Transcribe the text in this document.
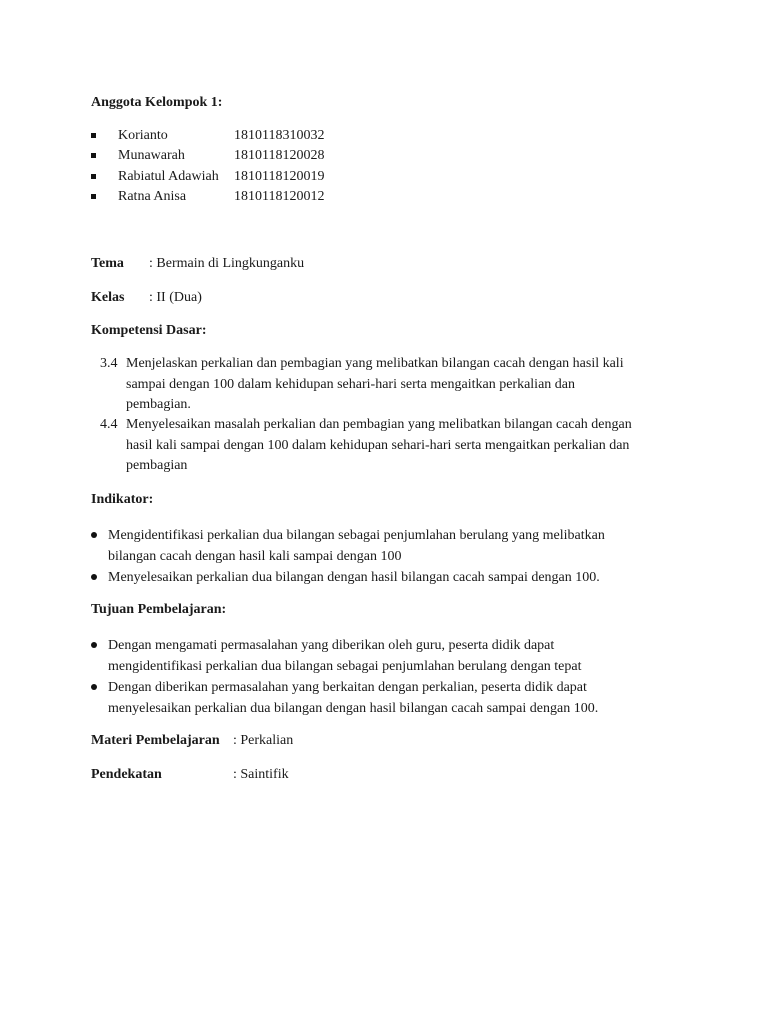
Anggota Kelompok 1:
Korianto	1810118310032
Munawarah	1810118120028
Rabiatul Adawiah 1810118120019
Ratna Anisa	1810118120012
Tema : Bermain di Lingkunganku
Kelas : II (Dua)
Kompetensi Dasar:
3.4 Menjelaskan perkalian dan pembagian yang melibatkan bilangan cacah dengan hasil kali
sampai dengan 100 dalam kehidupan sehari-hari serta mengaitkan perkalian dan
pembagian.
4.4 Menyelesaikan masalah perkalian dan pembagian yang melibatkan bilangan cacah dengan
hasil kali sampai dengan 100 dalam kehidupan sehari-hari serta mengaitkan perkalian dan
pembagian
Indikator:
Mengidentifikasi perkalian dua bilangan sebagai penjumlahan berulang yang melibatkan
bilangan cacah dengan hasil kali sampai dengan 100
Menyelesaikan perkalian dua bilangan dengan hasil bilangan cacah sampai dengan 100.
Tujuan Pembelajaran:
Dengan mengamati permasalahan yang diberikan oleh guru, peserta didik dapat
mengidentifikasi perkalian dua bilangan sebagai penjumlahan berulang dengan tepat
Dengan diberikan permasalahan yang berkaitan dengan perkalian, peserta didik dapat
menyelesaikan perkalian dua bilangan dengan hasil bilangan cacah sampai dengan 100.
Materi Pembelajaran : Perkalian
Pendekatan	: Saintifik
